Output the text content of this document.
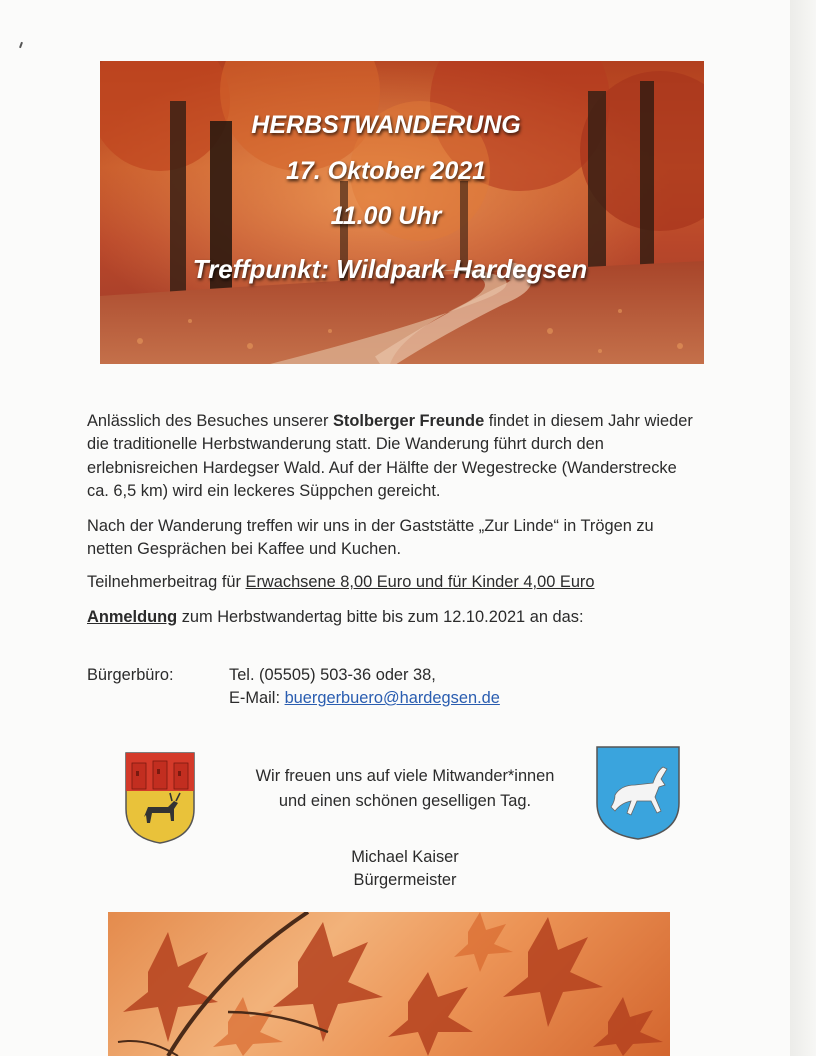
HERBSTWANDERUNG
17. Oktober 2021
11.00 Uhr
Treffpunkt: Wildpark Hardegsen

Anlässlich des Besuches unserer Stolberger Freunde findet in diesem Jahr wieder die traditionelle Herbstwanderung statt. Die Wanderung führt durch den erlebnisreichen Hardegser Wald. Auf der Hälfte der Wegestrecke (Wanderstrecke ca. 6,5 km) wird ein leckeres Süppchen gereicht.

Nach der Wanderung treffen wir uns in der Gaststätte „Zur Linde“ in Trögen zu netten Gesprächen bei Kaffee und Kuchen.

Teilnehmerbeitrag für Erwachsene 8,00 Euro und für Kinder 4,00 Euro

Anmeldung zum Herbstwandertag bitte bis zum 12.10.2021 an das:

Bürgerbüro:	Tel. (05505) 503-36 oder 38,
E-Mail: buergerbuero@hardegsen.de
Wir freuen uns auf viele Mitwander*innen
und einen schönen geselligen Tag.
Michael Kaiser
Bürgermeister
